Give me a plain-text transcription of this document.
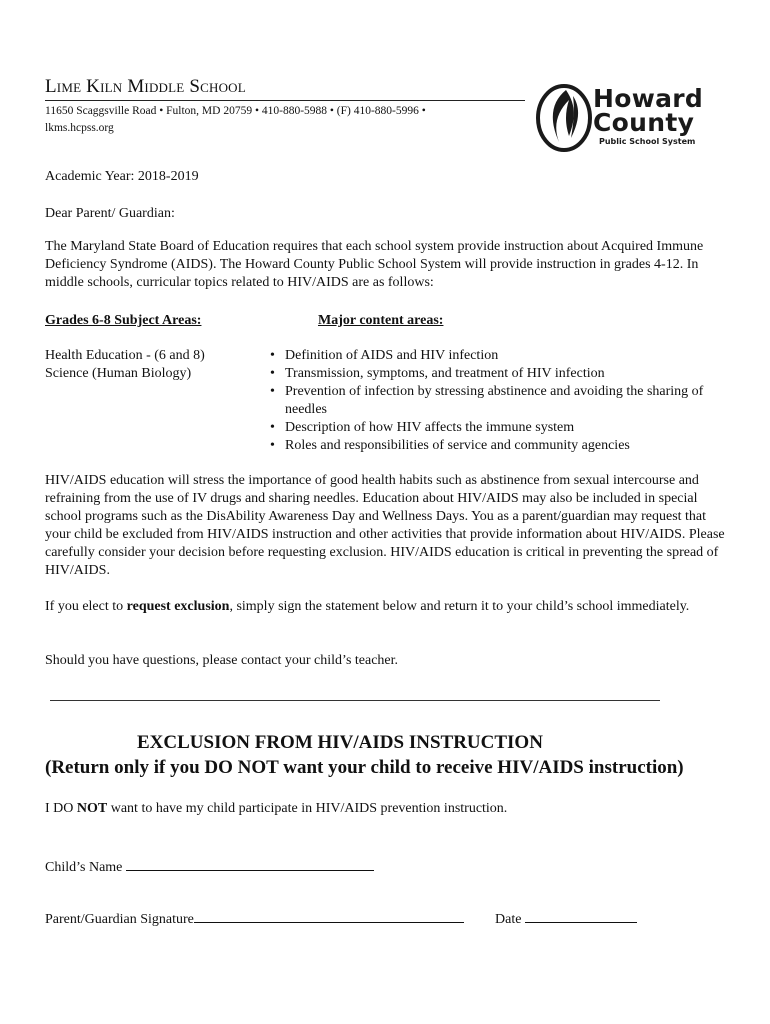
Lime Kiln Middle School
11650 Scaggsville Road • Fulton, MD 20759 • 410-880-5988 • (F) 410-880-5996 •
lkms.hcpss.org
Howard
County
Public School System
Academic Year: 2018-2019
Dear Parent/ Guardian:
The Maryland State Board of Education requires that each school system provide instruction about Acquired Immune Deficiency Syndrome (AIDS). The Howard County Public School System will provide instruction in grades 4-12. In middle schools, curricular topics related to HIV/AIDS are as follows:
Grades 6-8 Subject Areas:	Major content areas:
Health Education - (6 and 8)
Science (Human Biology)
• Definition of AIDS and HIV infection
• Transmission, symptoms, and treatment of HIV infection
• Prevention of infection by stressing abstinence and avoiding the sharing of needles
• Description of how HIV affects the immune system
• Roles and responsibilities of service and community agencies
HIV/AIDS education will stress the importance of good health habits such as abstinence from sexual intercourse and refraining from the use of IV drugs and sharing needles. Education about HIV/AIDS may also be included in special school programs such as the DisAbility Awareness Day and Wellness Days. You as a parent/guardian may request that your child be excluded from HIV/AIDS instruction and other activities that provide information about HIV/AIDS. Please carefully consider your decision before requesting exclusion. HIV/AIDS education is critical in preventing the spread of HIV/AIDS.
If you elect to request exclusion, simply sign the statement below and return it to your child’s school immediately.
Should you have questions, please contact your child’s teacher.
EXCLUSION FROM HIV/AIDS INSTRUCTION
(Return only if you DO NOT want your child to receive HIV/AIDS instruction)
I DO NOT want to have my child participate in HIV/AIDS prevention instruction.
Child’s Name
Parent/Guardian Signature	Date
